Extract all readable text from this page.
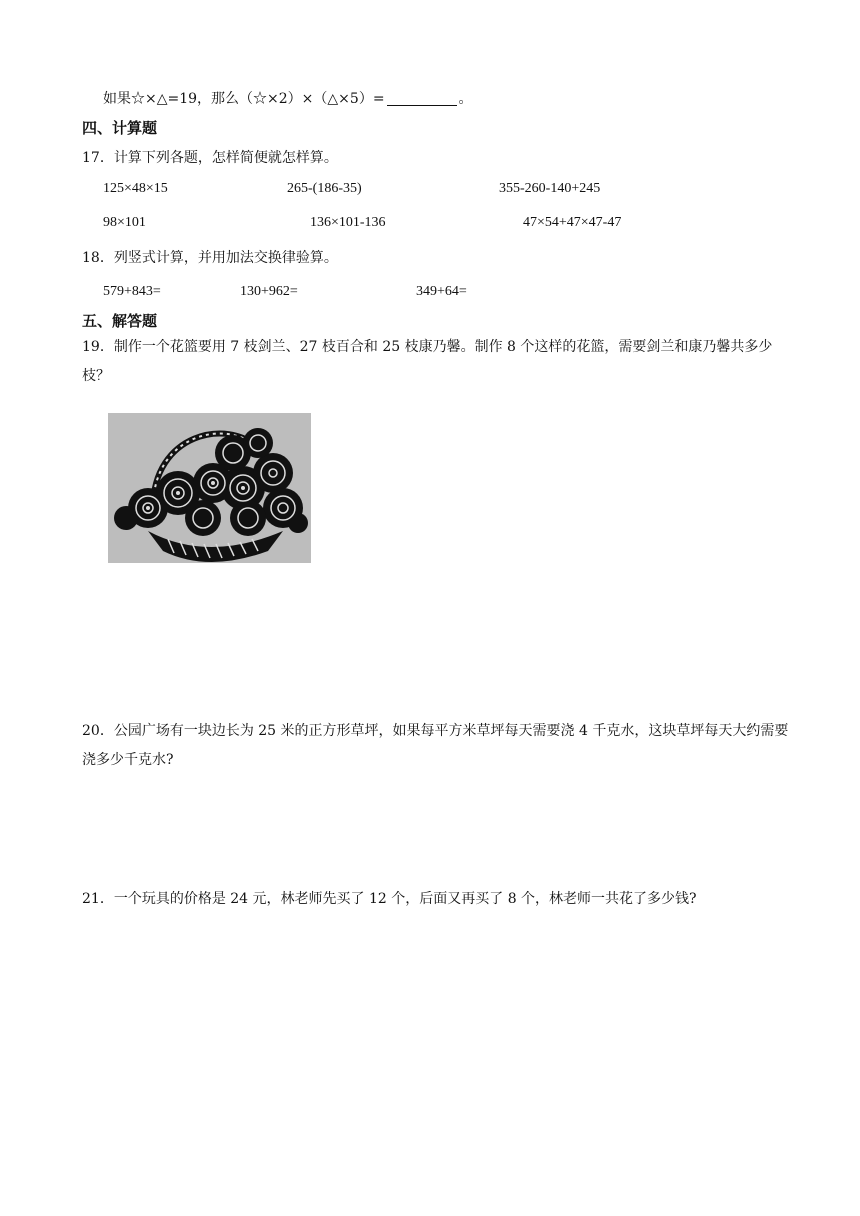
如果☆×△=19，那么（☆×2）×（△×5）=	。
四、计算题
17．计算下列各题，怎样简便就怎样算。
125×48×15	265-(186-35)	355-260-140+245
98×101	136×101-136	47×54+47×47-47
18．列竖式计算，并用加法交换律验算。
579+843=	130+962=	349+64=
五、解答题
19．制作一个花篮要用 7 枝剑兰、27 枝百合和 25 枝康乃馨。制作 8 个这样的花篮，需要剑兰和康乃馨共多少枝？
20．公园广场有一块边长为 25 米的正方形草坪，如果每平方米草坪每天需要浇 4 千克水，这块草坪每天大约需要浇多少千克水?
21．一个玩具的价格是 24 元，林老师先买了 12 个，后面又再买了 8 个，林老师一共花了多少钱?
